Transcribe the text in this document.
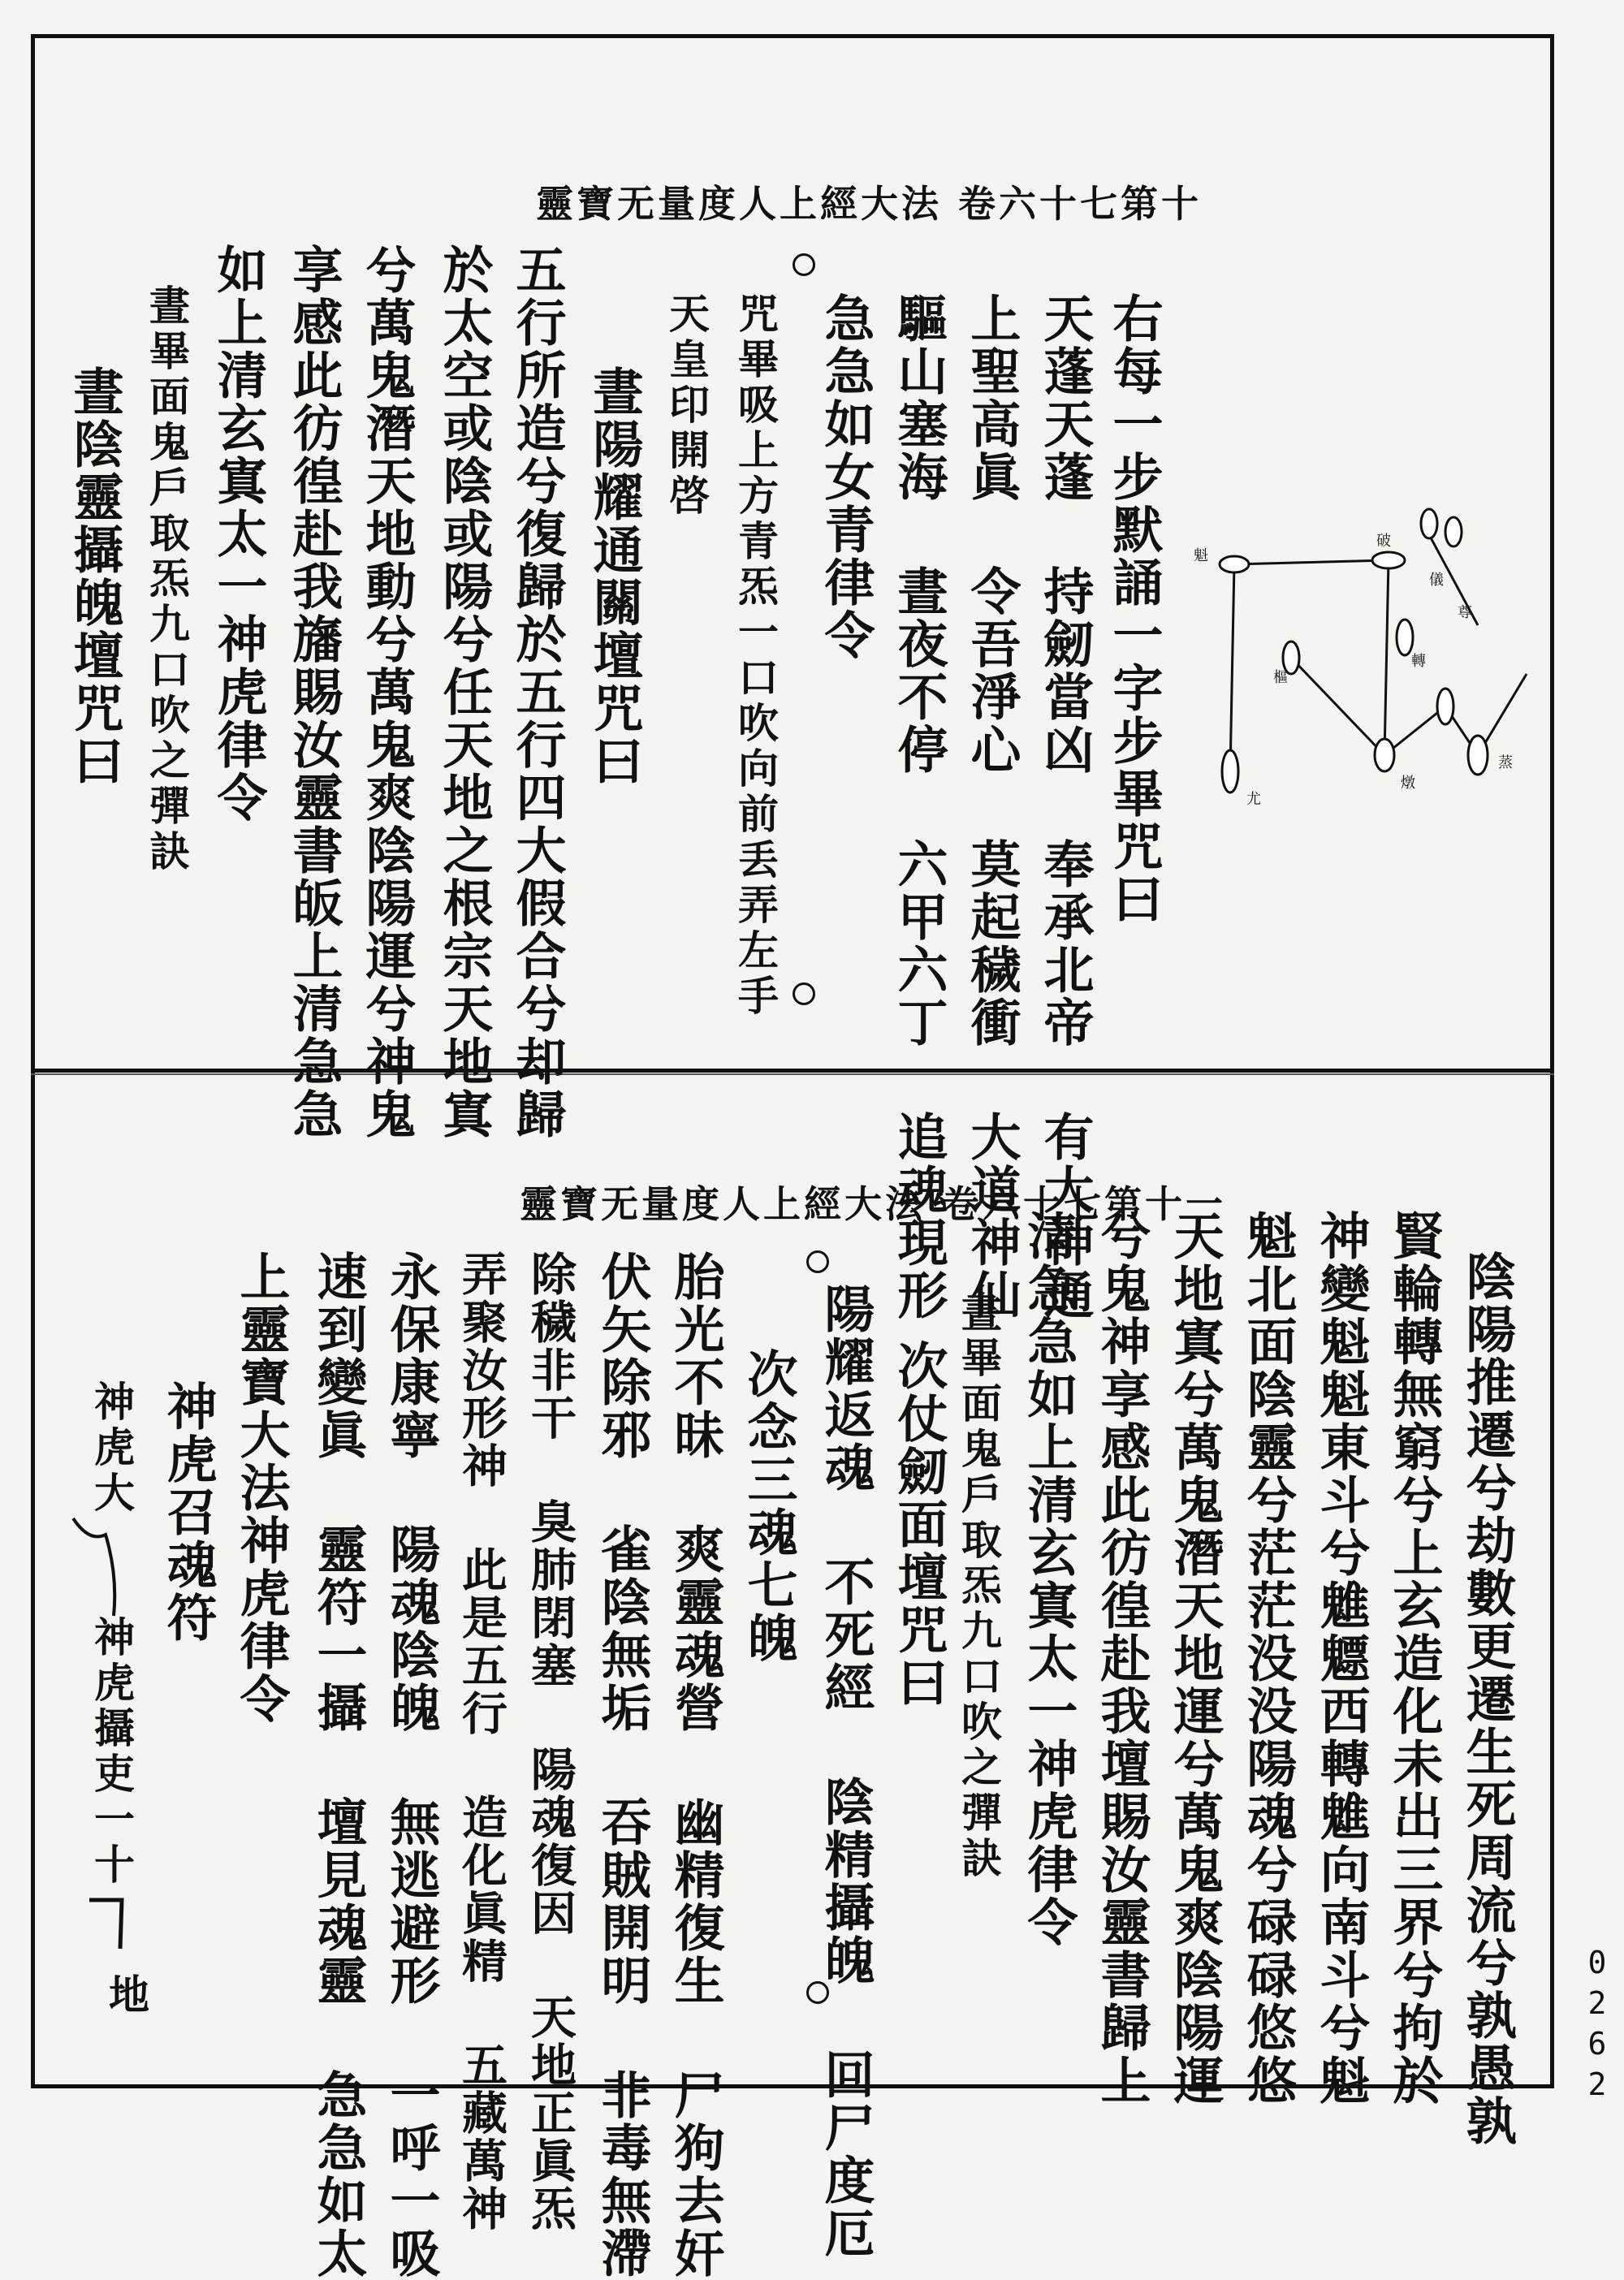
靈寶无量度人上經大法 卷六十七第十
右每一步默誦一字步畢咒曰
天蓬天蓬 持劒當凶 奉承北帝 有大神通
上聖高眞 令吾淨心 莫起穢衝 大道神仙
驅山塞海 晝夜不停 六甲六丁 追魂現形
急急如女青律令
咒畢吸上方青炁一口吹向前丢弄左手
天皇印開啓
晝陽耀通關壇咒曰
五行所造兮復歸於五行四大假合兮却歸
於太空或陰或陽兮任天地之根宗天地寘
兮萬鬼潛天地動兮萬鬼爽陰陽運兮神鬼
享感此彷徨赴我旛賜汝靈書皈上清急急
如上清玄寘太一神虎律令
晝畢面鬼戶取炁九口吹之彈訣
晝陰靈攝魄壇咒曰	魁
尤
樞
燉
轉
破
儀
尊
蒸
靈寶无量度人上經大法 卷六十七第十一
陰陽推遷兮劫數更遷生死周流兮孰愚孰
賢輪轉無窮兮上玄造化未出三界兮拘於
神變魁魁東斗兮魋魒西轉魋向南斗兮魁
魁北面陰靈兮茫茫没没陽魂兮碌碌悠悠
天地寘兮萬鬼潛天地運兮萬鬼爽陰陽運
兮鬼神享感此彷徨赴我壇賜汝靈書歸上
清急急如上清玄寘太一神虎律令
晝畢面鬼戶取炁九口吹之彈訣
次仗劒面壇咒曰
陽耀返魂 不死經 陰精攝魄 回尸度厄
次念三魂七魄
胎光不昧 爽靈魂營 幽精復生 尸狗去奸
伏矢除邪 雀陰無垢 吞賊開明 非毒無滯
除穢非干 臭肺閉塞 陽魂復因 天地正眞炁
弄聚汝形神 此是五行 造化眞精 五藏萬神
永保康寧 陽魂陰魄 無逃避形 一呼一吸
速到變眞 靈符一攝 壇見魂靈 急急如太
上靈寶大法神虎律令
神虎召魂符
神虎大
神虎攝吏一十
地	0262
